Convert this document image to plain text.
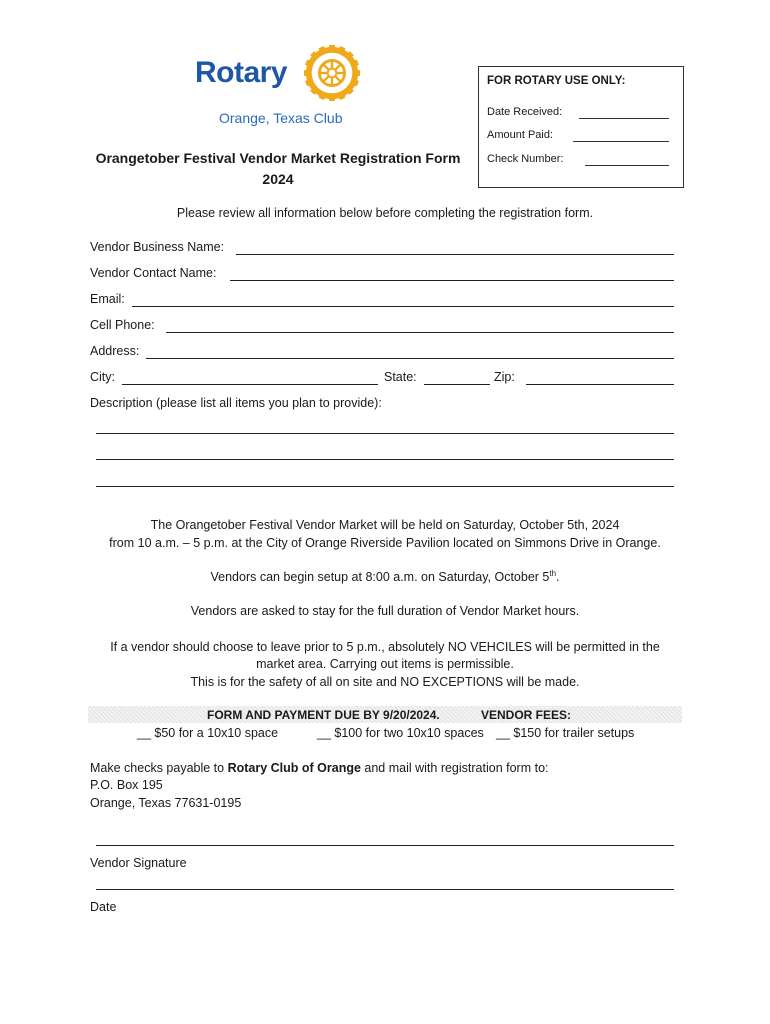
Rotary
Orange, Texas Club
Orangetober Festival Vendor Market Registration Form
2024
FOR ROTARY USE ONLY:
Date Received:
Amount Paid:
Check Number:
Please review all information below before completing the registration form.
Vendor Business Name:
Vendor Contact Name:
Email:
Cell Phone:
Address:
City:	State:	Zip:
Description (please list all items you plan to provide):
The Orangetober Festival Vendor Market will be held on Saturday, October 5th, 2024
from 10 a.m. – 5 p.m. at the City of Orange Riverside Pavilion located on Simmons Drive in Orange.
Vendors can begin setup at 8:00 a.m. on Saturday, October 5th.
Vendors are asked to stay for the full duration of Vendor Market hours.
If a vendor should choose to leave prior to 5 p.m., absolutely NO VEHCILES will be permitted in the
market area. Carrying out items is permissible.
This is for the safety of all on site and NO EXCEPTIONS will be made.
FORM AND PAYMENT DUE BY 9/20/2024.	VENDOR FEES:
__ $50 for a 10x10 space	__ $100 for two 10x10 spaces __ $150 for trailer setups
Make checks payable to Rotary Club of Orange and mail with registration form to:
P.O. Box 195
Orange, Texas 77631-0195
Vendor Signature
Date
